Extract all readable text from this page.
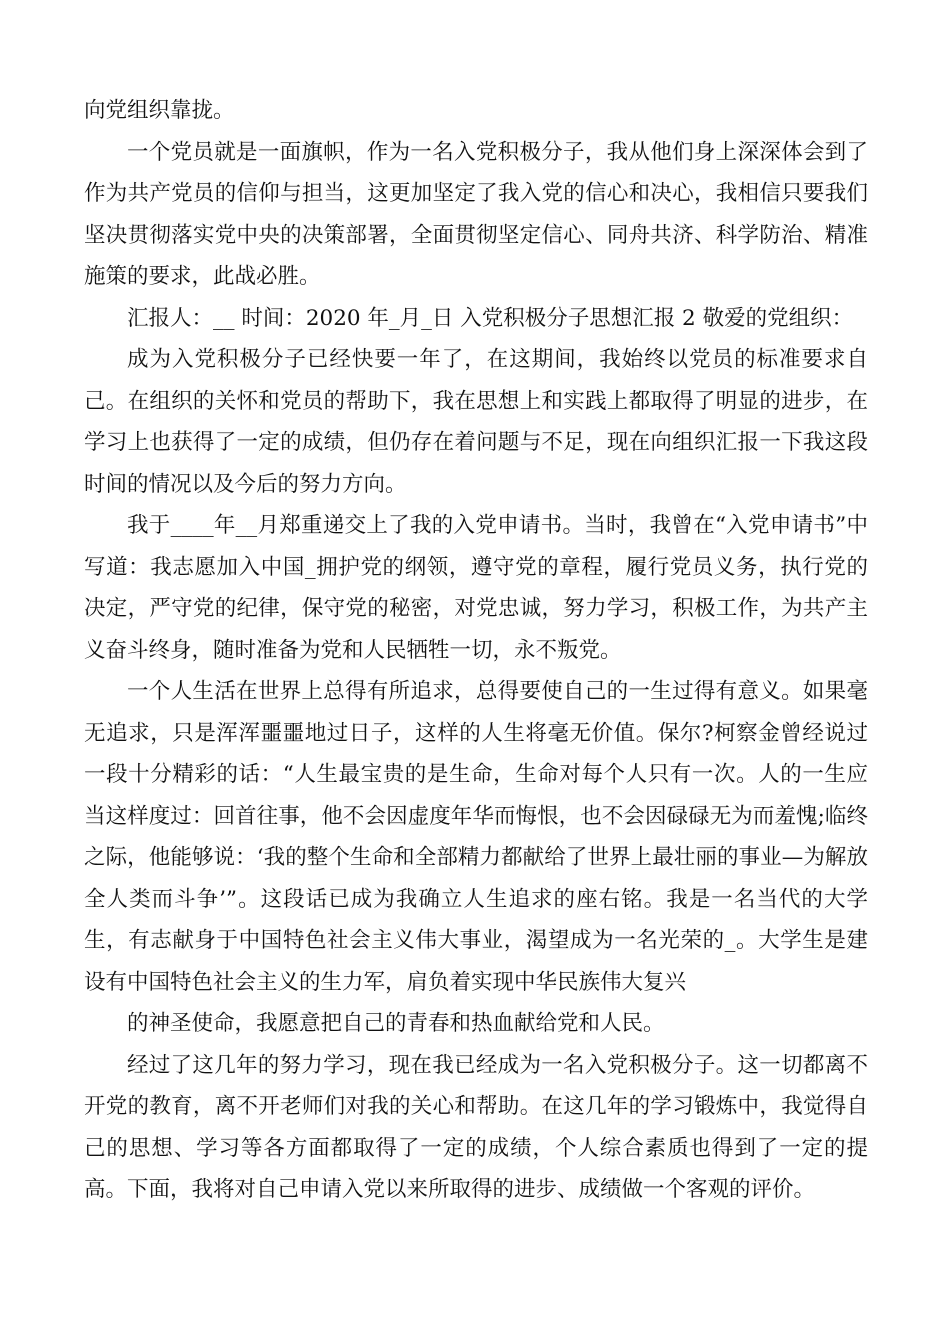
向党组织靠拢。

一个党员就是一面旗帜，作为一名入党积极分子，我从他们身上深深体会到了作为共产党员的信仰与担当，这更加坚定了我入党的信心和决心，我相信只要我们坚决贯彻落实党中央的决策部署，全面贯彻坚定信心、同舟共济、科学防治、精准施策的要求，此战必胜。

汇报人：__ 时间：2020 年_月_日 入党积极分子思想汇报 2 敬爱的党组织：

成为入党积极分子已经快要一年了，在这期间，我始终以党员的标准要求自己。在组织的关怀和党员的帮助下，我在思想上和实践上都取得了明显的进步，在学习上也获得了一定的成绩，但仍存在着问题与不足，现在向组织汇报一下我这段时间的情况以及今后的努力方向。

我于____年__月郑重递交上了我的入党申请书。当时，我曾在“入党申请书”中写道：我志愿加入中国_拥护党的纲领，遵守党的章程，履行党员义务，执行党的决定，严守党的纪律，保守党的秘密，对党忠诚，努力学习，积极工作，为共产主义奋斗终身，随时准备为党和人民牺牲一切，永不叛党。

一个人生活在世界上总得有所追求，总得要使自己的一生过得有意义。如果毫无追求，只是浑浑噩噩地过日子，这样的人生将毫无价值。保尔?柯察金曾经说过一段十分精彩的话：“人生最宝贵的是生命，生命对每个人只有一次。人的一生应当这样度过：回首往事，他不会因虚度年华而悔恨，也不会因碌碌无为而羞愧;临终之际，他能够说：‘我的整个生命和全部精力都献给了世界上最壮丽的事业—为解放全人类而斗争’”。这段话已成为我确立人生追求的座右铭。我是一名当代的大学生，有志献身于中国特色社会主义伟大事业，渴望成为一名光荣的_。大学生是建设有中国特色社会主义的生力军，肩负着实现中华民族伟大复兴

的神圣使命，我愿意把自己的青春和热血献给党和人民。

经过了这几年的努力学习，现在我已经成为一名入党积极分子。这一切都离不开党的教育，离不开老师们对我的关心和帮助。在这几年的学习锻炼中，我觉得自己的思想、学习等各方面都取得了一定的成绩，个人综合素质也得到了一定的提高。下面，我将对自己申请入党以来所取得的进步、成绩做一个客观的评价。
